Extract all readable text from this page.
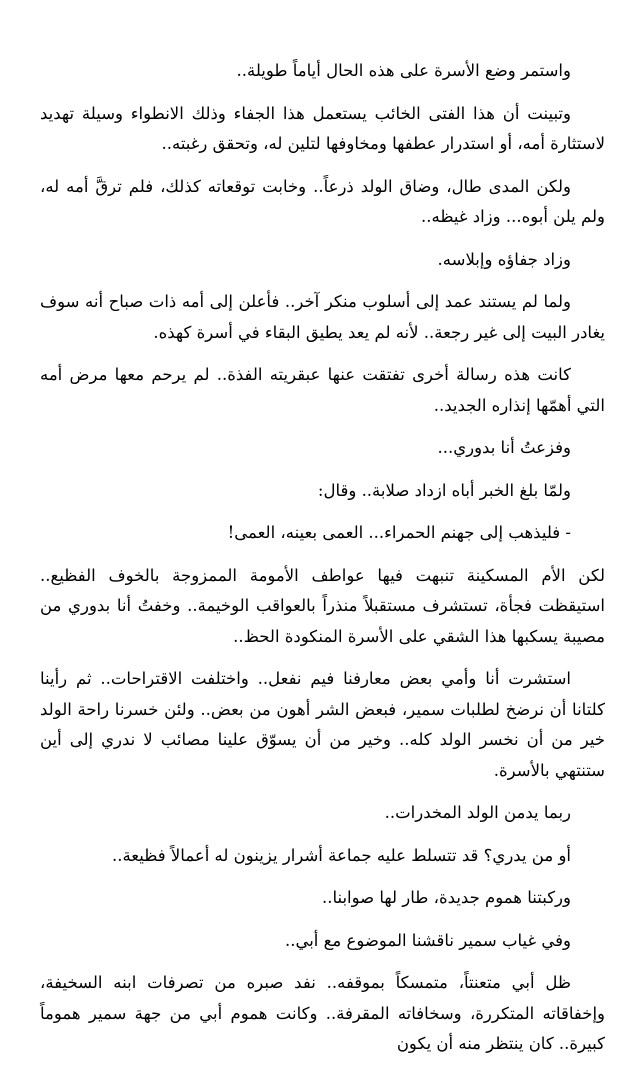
واستمر وضع الأسرة على هذه الحال أياماً طويلة..

وتبينت أن هذا الفتى الخائب يستعمل هذا الجفاء وذلك الانطواء وسيلة تهديد لاستثارة أمه، أو استدرار عطفها ومخاوفها لتلين له، وتحقق رغبته..

ولكن المدى طال، وضاق الولد ذرعاً.. وخابت توقعاته كذلك، فلم ترقَّ أمه له، ولم يلن أبوه... وزاد غيظه..

وزاد جفاؤه وإبلاسه.

ولما لم يستند عمد إلى أسلوب منكر آخر.. فأعلن إلى أمه ذات صباح أنه سوف يغادر البيت إلى غير رجعة.. لأنه لم يعد يطيق البقاء في أسرة كهذه.

كانت هذه رسالة أخرى تفتقت عنها عبقريته الفذة.. لم يرحم معها مرض أمه التي أهمّها إنذاره الجديد..

وفزعتُ أنا بدوري...

ولمّا بلغ الخبر أباه ازداد صلابة.. وقال:

- فليذهب إلى جهنم الحمراء... العمى بعينه، العمى!

لكن الأم المسكينة تنبهت فيها عواطف الأمومة الممزوجة بالخوف الفظيع.. استيقظت فجأة، تستشرف مستقبلاً منذراً بالعواقب الوخيمة.. وخفتُ أنا بدوري من مصيبة يسكبها هذا الشقي على الأسرة المنكودة الحظ..

استشرت أنا وأمي بعض معارفنا فيم نفعل.. واختلفت الاقتراحات.. ثم رأينا كلتانا أن نرضخ لطلبات سمير، فبعض الشر أهون من بعض.. ولئن خسرنا راحة الولد خير من أن نخسر الولد كله.. وخير من أن يسوّق علينا مصائب لا ندري إلى أين ستنتهي بالأسرة.

ربما يدمن الولد المخدرات..

أو من يدري؟ قد تتسلط عليه جماعة أشرار يزينون له أعمالاً فظيعة..

وركبتنا هموم جديدة، طار لها صوابنا..

وفي غياب سمير ناقشنا الموضوع مع أبي..

ظل أبي متعنتاً، متمسكاً بموقفه.. نفد صبره من تصرفات ابنه السخيفة، وإخفاقاته المتكررة، وسخافاته المقرفة.. وكانت هموم أبي من جهة سمير هموماً كبيرة.. كان ينتظر منه أن يكون
